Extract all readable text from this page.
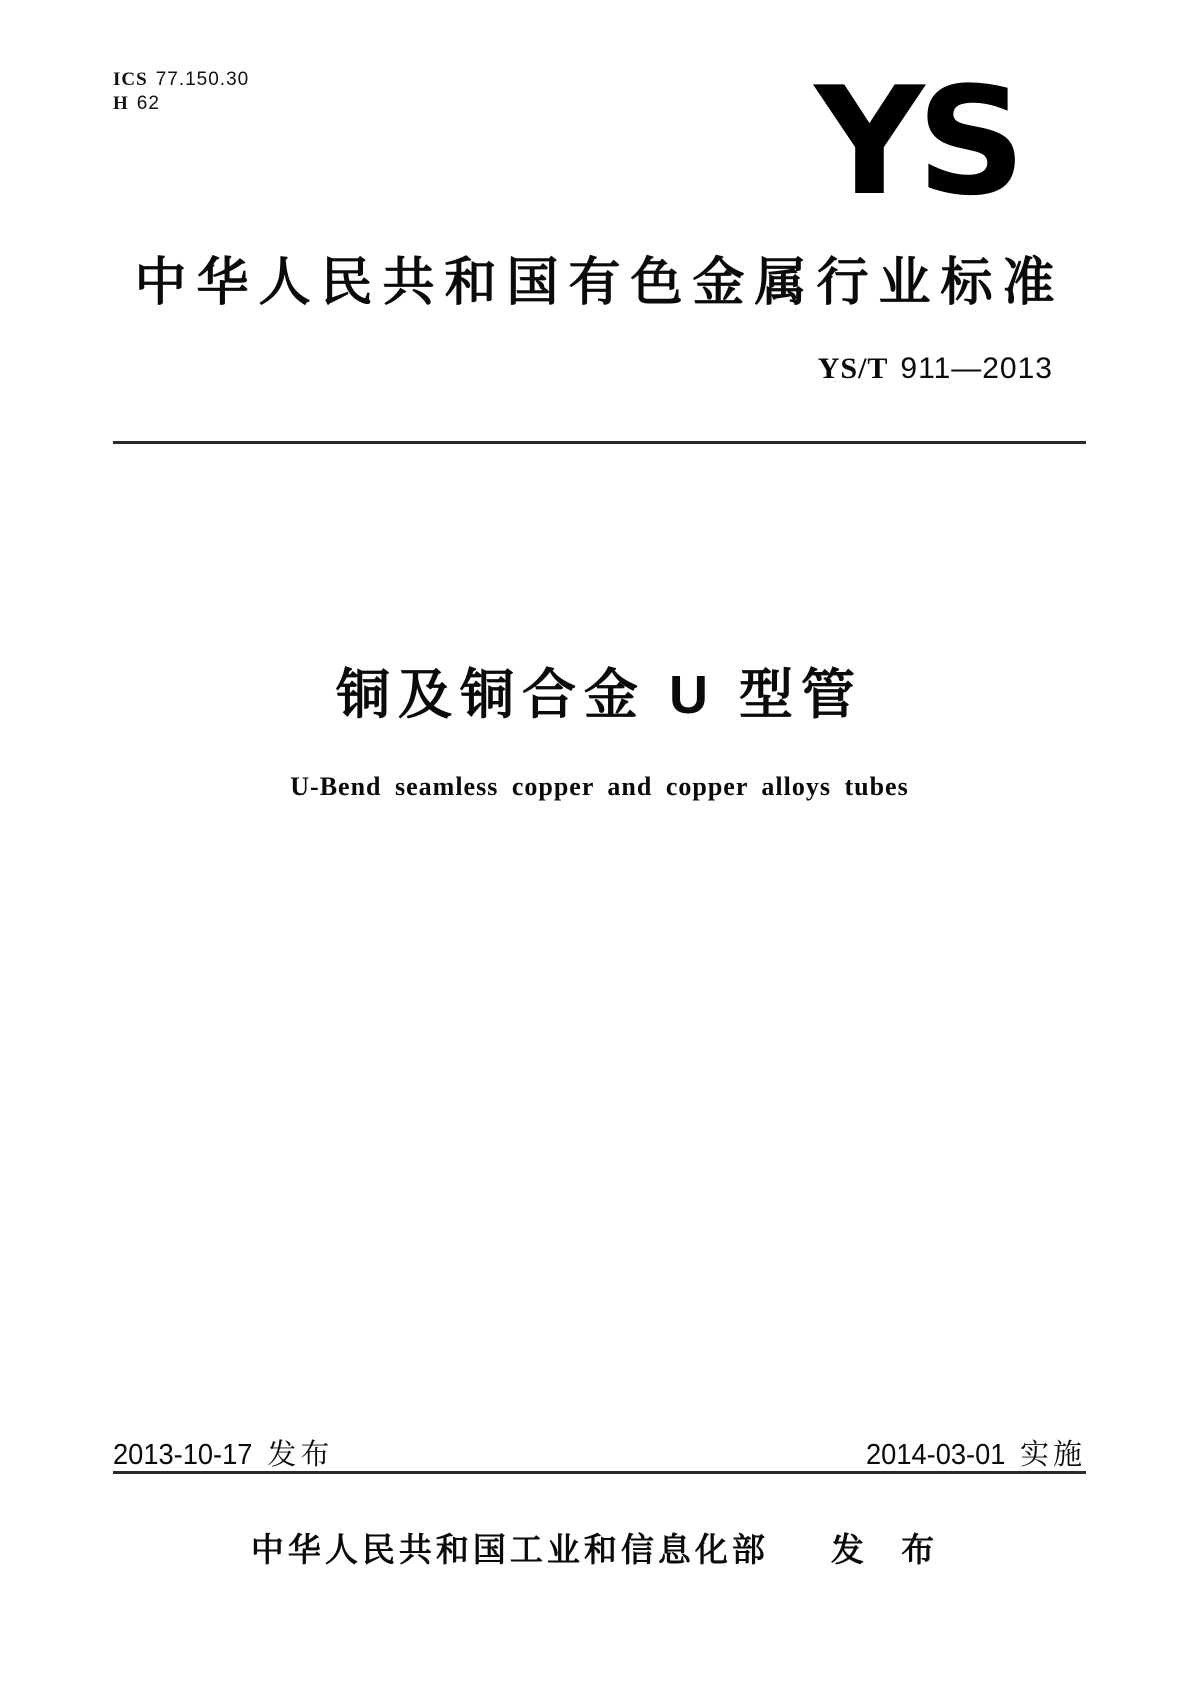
ICS 77.150.30
H 62	YS
中华人民共和国有色金属行业标准
YS/T 911—2013
铜及铜合金 U 型管
U-Bend seamless copper and copper alloys tubes
2013-10-17 发布	2014-03-01 实施
中华人民共和国工业和信息化部 发 布
